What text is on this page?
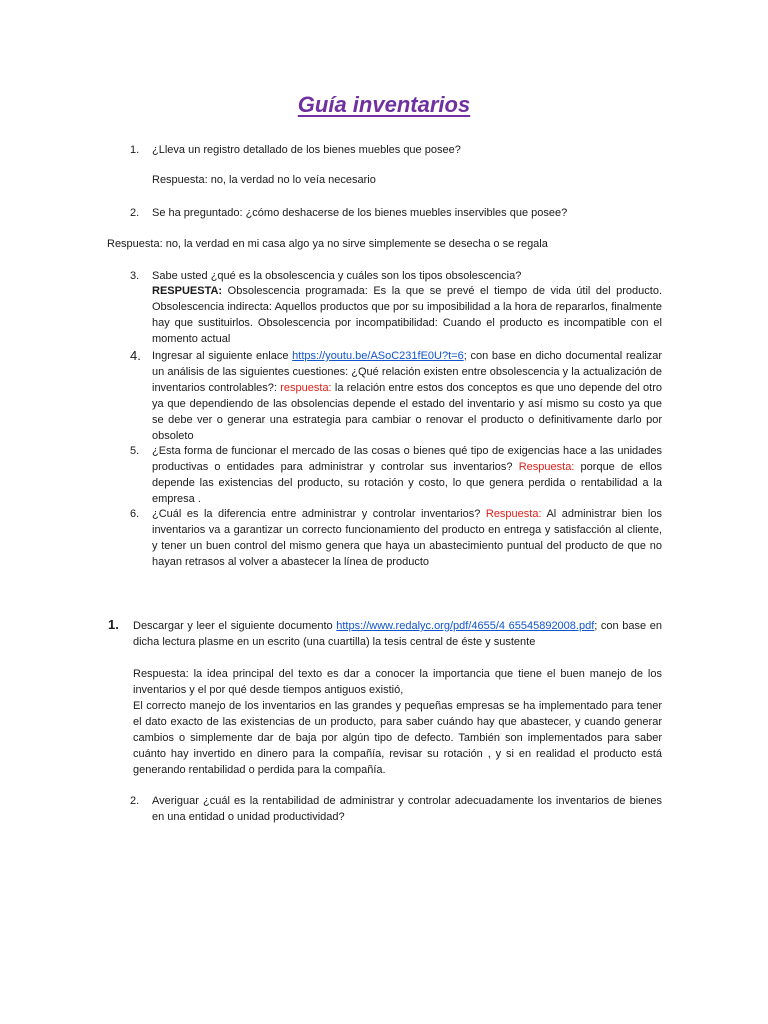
Guía inventarios
1. ¿Lleva un registro detallado de los bienes muebles que posee?
Respuesta: no, la verdad no lo veía necesario
2. Se ha preguntado: ¿cómo deshacerse de los bienes muebles inservibles que posee?
Respuesta: no, la verdad en mi casa algo ya no sirve simplemente se desecha o se regala
3. Sabe usted ¿qué es la obsolescencia y cuáles son los tipos obsolescencia?
RESPUESTA: Obsolescencia programada: Es la que se prevé el tiempo de vida útil del producto. Obsolescencia indirecta: Aquellos productos que por su imposibilidad a la hora de repararlos, finalmente hay que sustituirlos. Obsolescencia por incompatibilidad: Cuando el producto es incompatible con el momento actual
4. Ingresar al siguiente enlace https://youtu.be/ASoC231fE0U?t=6; con base en dicho documental realizar un análisis de las siguientes cuestiones: ¿Qué relación existen entre obsolescencia y la actualización de inventarios controlables?: respuesta: la relación entre estos dos conceptos es que uno depende del otro ya que dependiendo de las obsolencias depende el estado del inventario y así mismo su costo ya que se debe ver o generar una estrategia para cambiar o renovar el producto o definitivamente darlo por obsoleto
5. ¿Esta forma de funcionar el mercado de las cosas o bienes qué tipo de exigencias hace a las unidades productivas o entidades para administrar y controlar sus inventarios? Respuesta: porque de ellos depende las existencias del producto, su rotación y costo, lo que genera perdida o rentabilidad a la empresa .
6. ¿Cuál es la diferencia entre administrar y controlar inventarios? Respuesta: Al administrar bien los inventarios va a garantizar un correcto funcionamiento del producto en entrega y satisfacción al cliente, y tener un buen control del mismo genera que haya un abastecimiento puntual del producto de que no hayan retrasos al volver a abastecer la línea de producto
1. Descargar y leer el siguiente documento https://www.redalyc.org/pdf/4655/4 65545892008.pdf; con base en dicha lectura plasme en un escrito (una cuartilla) la tesis central de éste y sustente

Respuesta: la idea principal del texto es dar a conocer la importancia que tiene el buen manejo de los inventarios y el por qué desde tiempos antiguos existió,

El correcto manejo de los inventarios en las grandes y pequeñas empresas se ha implementado para tener el dato exacto de las existencias de un producto, para saber cuándo hay que abastecer, y cuando generar cambios o simplemente dar de baja por algún tipo de defecto. También son implementados para saber cuánto hay invertido en dinero para la compañía, revisar su rotación , y si en realidad el producto está generando rentabilidad o perdida para la compañía.

2. Averiguar ¿cuál es la rentabilidad de administrar y controlar adecuadamente los inventarios de bienes en una entidad o unidad productividad?
